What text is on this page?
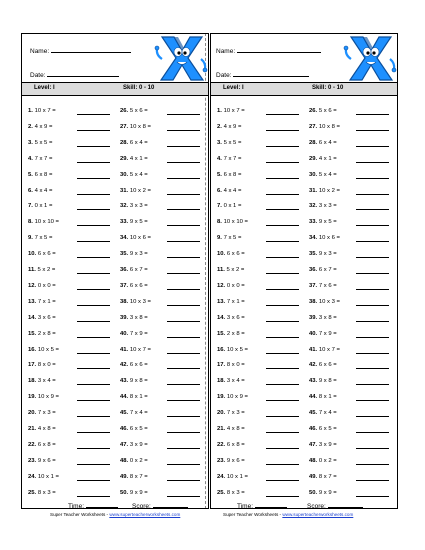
Name:
Date:
Level: I	Skill: 0 - 10
1. 10 x 7 =
2. 4 x 9 =
3. 5 x 5 =
4. 7 x 7 =
5. 6 x 8 =
6. 4 x 4 =
7. 0 x 1 =
8. 10 x 10 =
9. 7 x 5 =
10. 6 x 6 =
11. 5 x 2 =
12. 0 x 0 =
13. 7 x 1 =
14. 3 x 6 =
15. 2 x 8 =
16. 10 x 5 =
17. 8 x 0 =
18. 3 x 4 =
19. 10 x 9 =
20. 7 x 3 =
21. 4 x 8 =
22. 6 x 8 =
23. 9 x 6 =
24. 10 x 1 =
25. 8 x 3 =
26. 5 x 6 =
27. 10 x 8 =
28. 6 x 4 =
29. 4 x 1 =
30. 5 x 4 =
31. 10 x 2 =
32. 3 x 3 =
33. 9 x 5 =
34. 10 x 6 =
35. 9 x 3 =
36. 6 x 7 =
37. 6 x 6 =
38. 10 x 3 =
39. 3 x 8 =
40. 7 x 9 =
41. 10 x 7 =
42. 6 x 6 =
43. 9 x 8 =
44. 8 x 1 =
45. 7 x 4 =
46. 6 x 5 =
47. 3 x 9 =
48. 0 x 2 =
49. 8 x 7 =
50. 9 x 9 =
Time:	Score:
Name:
Date:
Level: I	Skill: 0 - 10
1. 10 x 7 =
2. 4 x 9 =
3. 5 x 5 =
4. 7 x 7 =
5. 6 x 8 =
6. 4 x 4 =
7. 0 x 1 =
8. 10 x 10 =
9. 7 x 5 =
10. 6 x 6 =
11. 5 x 2 =
12. 0 x 0 =
13. 7 x 1 =
14. 3 x 6 =
15. 2 x 8 =
16. 10 x 5 =
17. 8 x 0 =
18. 3 x 4 =
19. 10 x 9 =
20. 7 x 3 =
21. 4 x 8 =
22. 6 x 8 =
23. 9 x 6 =
24. 10 x 1 =
25. 8 x 3 =
26. 5 x 6 =
27. 10 x 8 =
28. 6 x 4 =
29. 4 x 1 =
30. 5 x 4 =
31. 10 x 2 =
32. 3 x 3 =
33. 9 x 5 =
34. 10 x 6 =
35. 9 x 3 =
36. 6 x 7 =
37. 7 x 6 =
38. 10 x 3 =
39. 3 x 8 =
40. 7 x 9 =
41. 10 x 7 =
42. 6 x 6 =
43. 9 x 8 =
44. 8 x 1 =
45. 7 x 4 =
46. 6 x 5 =
47. 3 x 9 =
48. 0 x 2 =
49. 8 x 7 =
50. 9 x 9 =
Time:	Score:
Super Teacher Worksheets - www.superteacherworksheets.com	Super Teacher Worksheets - www.superteacherworksheets.com
